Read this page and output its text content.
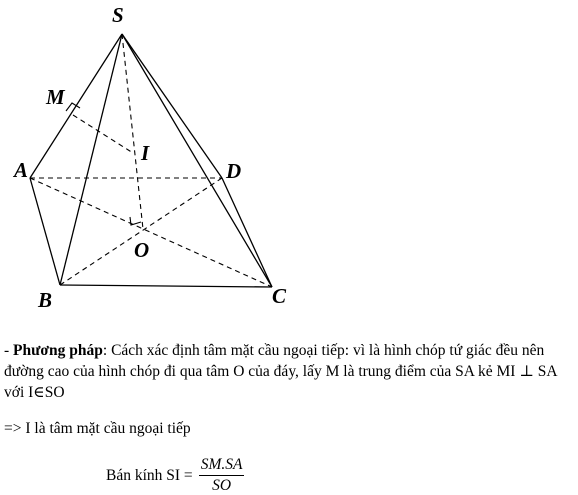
S
M
I
A	D
O
B	C

- Phương pháp: Cách xác định tâm mặt cầu ngoại tiếp: vì là hình chóp tứ giác đều nên đường cao của hình chóp đi qua tâm O của đáy, lấy M là trung điểm của SA kẻ MI ⊥ SA với I∈SO

=> I là tâm mặt cầu ngoại tiếp
Bán kính SI = $\frac{SM.SA}{SO}$
